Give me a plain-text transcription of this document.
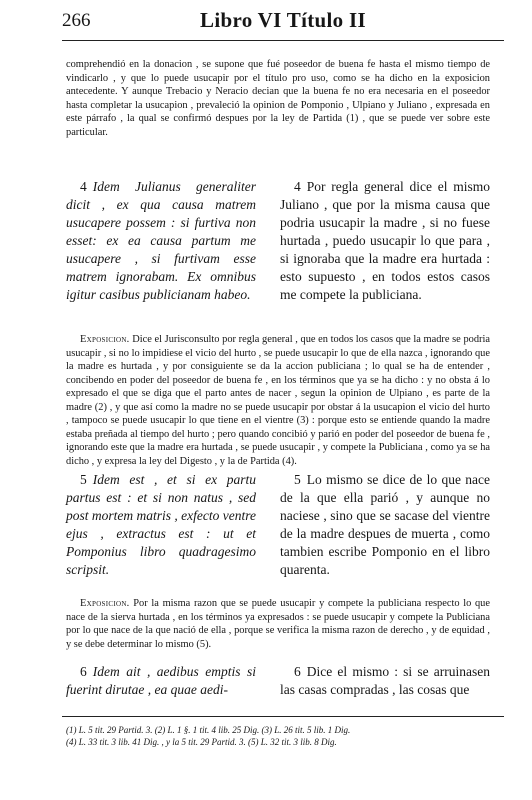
266	Libro VI Título II

comprehendió en la donacion , se supone que fué poseedor de buena fe hasta el mismo tiempo de vindicarlo , y que lo puede usucapir por el título pro uso, como se ha dicho en la exposicion antecedente. Y aunque Trebacio y Neracio decian que la buena fe no era necesaria en el poseedor hasta completar la usucapion , prevaleció la opinion de Pomponio , Ulpiano y Juliano , expresada en este párrafo , la qual se confirmó despues por la ley de Partida (1) , que se puede ver sobre este particular.

4 Idem Julianus generaliter dicit , ex qua causa matrem usucapere possem : si furtiva non esset: ex ea causa partum me usucapere , si furtivam esse matrem ignorabam. Ex omnibus igitur casibus publicianam habeo.
4 Por regla general dice el mismo Juliano , que por la misma causa que podria usucapir la madre , si no fuese hurtada , puedo usucapir lo que para , si ignoraba que la madre era hurtada : esto supuesto , en todos estos casos me compete la publiciana.

Exposicion. Dice el Jurisconsulto por regla general , que en todos los casos que la madre se podria usucapir , si no lo impidiese el vicio del hurto , se puede usucapir lo que de ella nazca , ignorando que la madre es hurtada , y por consiguiente se da la accion publiciana ; lo qual se ha de entender , concibendo en poder del poseedor de buena fe , en los términos que ya se ha dicho : y no obsta á lo expresado el que se diga que el parto antes de nacer , segun la opinion de Ulpiano , es parte de la madre (2) , y que así como la madre no se puede usucapir por obstar á la usucapion el vicio del hurto , tampoco se puede usucapir lo que tiene en el vientre (3) : porque esto se entiende quando la madre estaba preñada al tiempo del hurto ; pero quando concibió y parió en poder del poseedor de buena fe , ignorando este que la madre era hurtada , se puede usucapir , y compete la Publiciana , como ya se ha dicho , y expresa la ley del Digesto , y la de Partida (4).

5 Idem est , et si ex partu partus est : et si non natus , sed post mortem matris , exfecto ventre ejus , extractus est : ut et Pomponius libro quadragesimo scripsit.
5 Lo mismo se dice de lo que nace de la que ella parió , y aunque no naciese , sino que se sacase del vientre de la madre despues de muerta , como tambien escribe Pomponio en el libro quarenta.

Exposicion. Por la misma razon que se puede usucapir y compete la publiciana respecto lo que nace de la sierva hurtada , en los términos ya expresados : se puede usucapir y compete la Publiciana por lo que nace de la que nació de ella , porque se verifica la misma razon de derecho , y de equidad , y se debe determinar lo mismo (5).

6 Idem ait , aedibus emptis si fuerint dirutae , ea quae aedi-
6 Dice el mismo : si se arruinasen las casas compradas , las cosas que
(1) L. 5 tit. 29 Partid. 3. (2) L. 1 §. 1 tit. 4 lib. 25 Dig. (3) L. 26 tit. 5 lib. 1 Dig.
(4) L. 33 tit. 3 lib. 41 Dig. , y la 5 tit. 29 Partid. 3. (5) L. 32 tit. 3 lib. 8 Dig.
